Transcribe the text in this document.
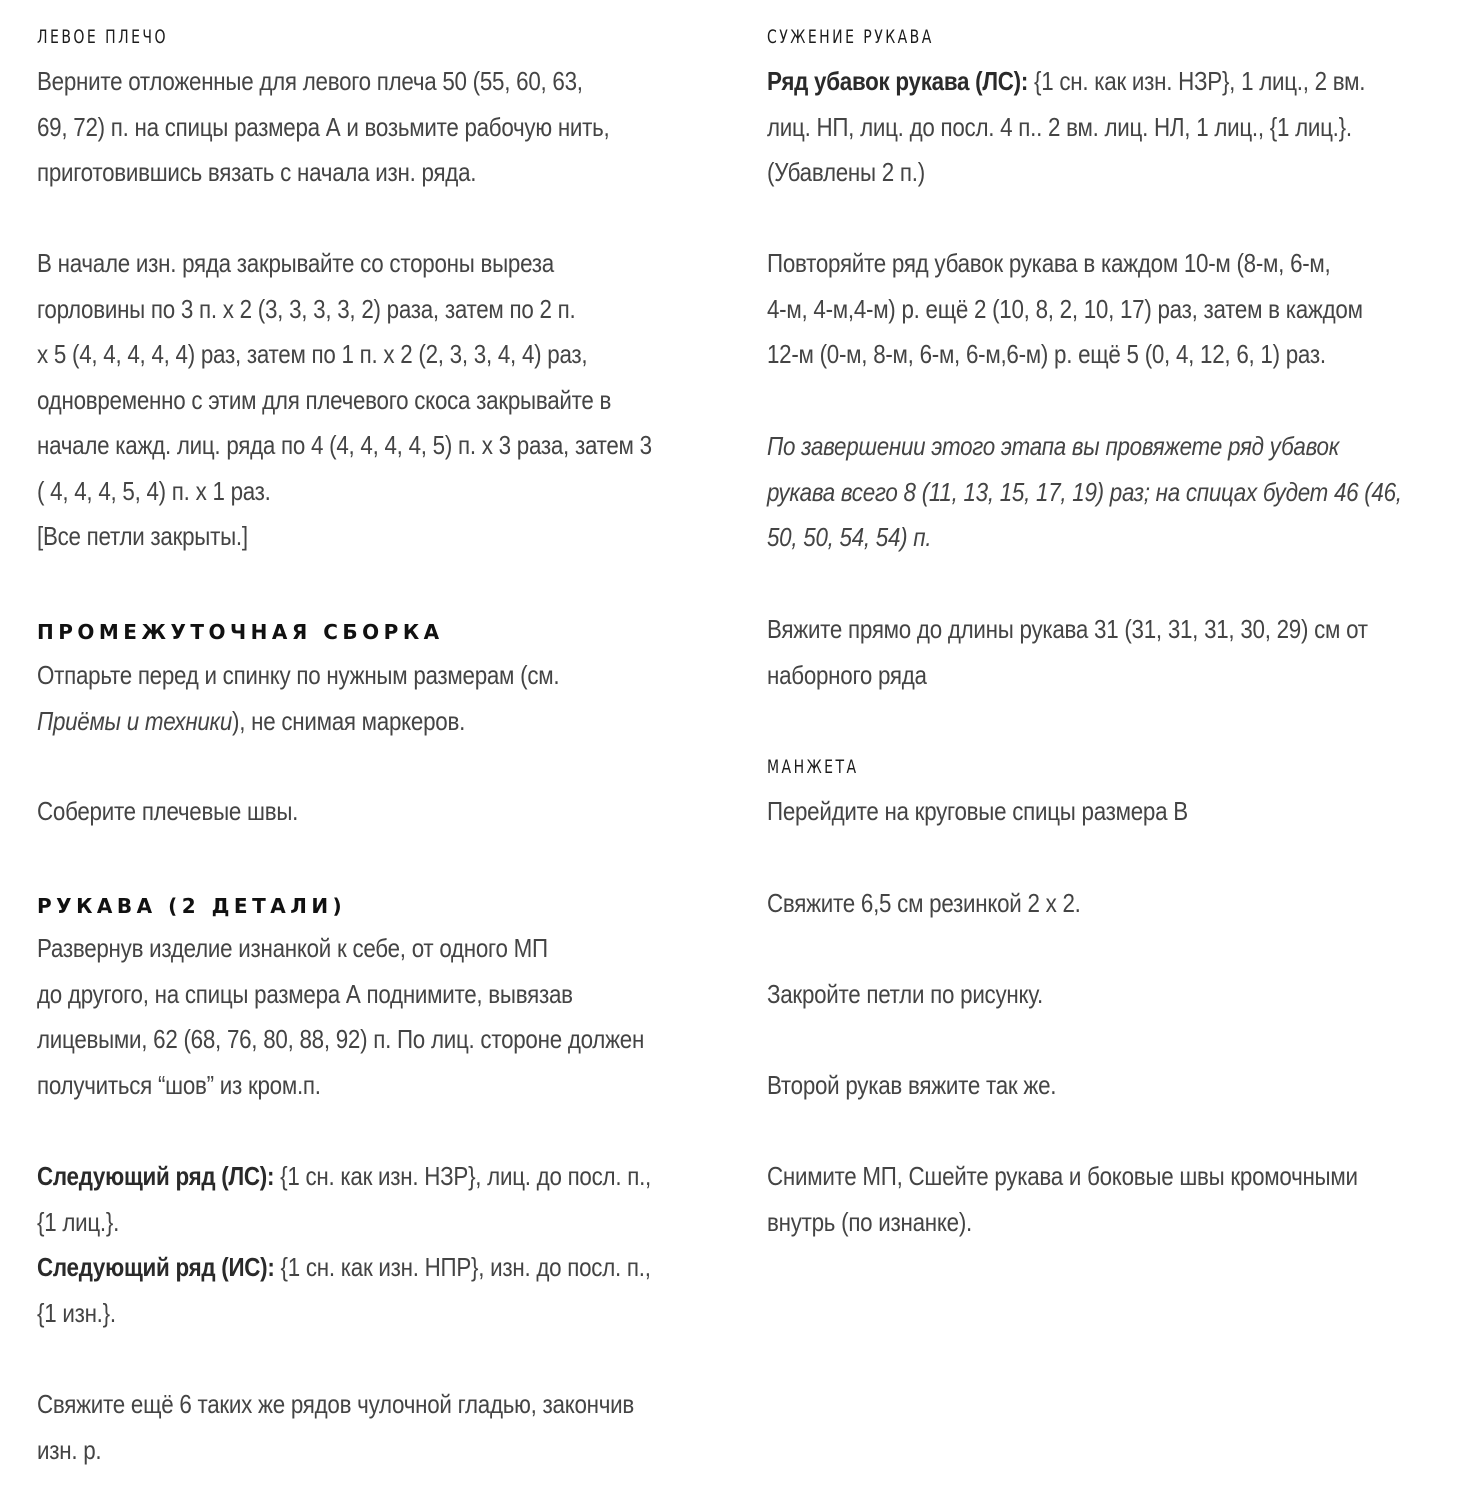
ЛЕВОЕ ПЛЕЧО
Верните отложенные для левого плеча 50 (55, 60, 63,
69, 72) п. на спицы размера А и возьмите рабочую нить,
приготовившись вязать с начала изн. ряда.
В начале изн. ряда закрывайте со стороны выреза
горловины по 3 п. х 2 (3, 3, 3, 3, 2) раза, затем по 2 п.
х 5 (4, 4, 4, 4, 4) раз, затем по 1 п. х 2 (2, 3, 3, 4, 4) раз,
одновременно с этим для плечевого скоса закрывайте в
начале кажд. лиц. ряда по 4 (4, 4, 4, 4, 5) п. х 3 раза, затем 3
( 4, 4, 4, 5, 4) п. х 1 раз.
[Все петли закрыты.]
ПРОМЕЖУТОЧНАЯ СБОРКА
Отпарьте перед и спинку по нужным размерам (см.
Приёмы и техники), не снимая маркеров.
Соберите плечевые швы.
РУКАВА (2 ДЕТАЛИ)
Развернув изделие изнанкой к себе, от одного МП
до другого, на спицы размера А поднимите, вывязав
лицевыми, 62 (68, 76, 80, 88, 92) п. По лиц. стороне должен
получиться “шов” из кром.п.
Следующий ряд (ЛС): {1 сн. как изн. НЗР}, лиц. до посл. п.,
{1 лиц.}.
Следующий ряд (ИС): {1 сн. как изн. НПР}, изн. до посл. п.,
{1 изн.}.
Свяжите ещё 6 таких же рядов чулочной гладью, закончив
изн. р.
СУЖЕНИЕ РУКАВА
Ряд убавок рукава (ЛС): {1 сн. как изн. НЗР}, 1 лиц., 2 вм.
лиц. НП, лиц. до посл. 4 п.. 2 вм. лиц. НЛ, 1 лиц., {1 лиц.}.
(Убавлены 2 п.)
Повторяйте ряд убавок рукава в каждом 10-м (8-м, 6-м,
4-м, 4-м,4-м) р. ещё 2 (10, 8, 2, 10, 17) раз, затем в каждом
12-м (0-м, 8-м, 6-м, 6-м,6-м) р. ещё 5 (0, 4, 12, 6, 1) раз.
По завершении этого этапа вы провяжете ряд убавок
рукава всего 8 (11, 13, 15, 17, 19) раз; на спицах будет 46 (46,
50, 50, 54, 54) п.
Вяжите прямо до длины рукава 31 (31, 31, 31, 30, 29) см от
наборного ряда
МАНЖЕТА
Перейдите на круговые спицы размера В
Свяжите 6,5 см резинкой 2 х 2.
Закройте петли по рисунку.
Второй рукав вяжите так же.
Снимите МП, Сшейте рукава и боковые швы кромочными
внутрь (по изнанке).
